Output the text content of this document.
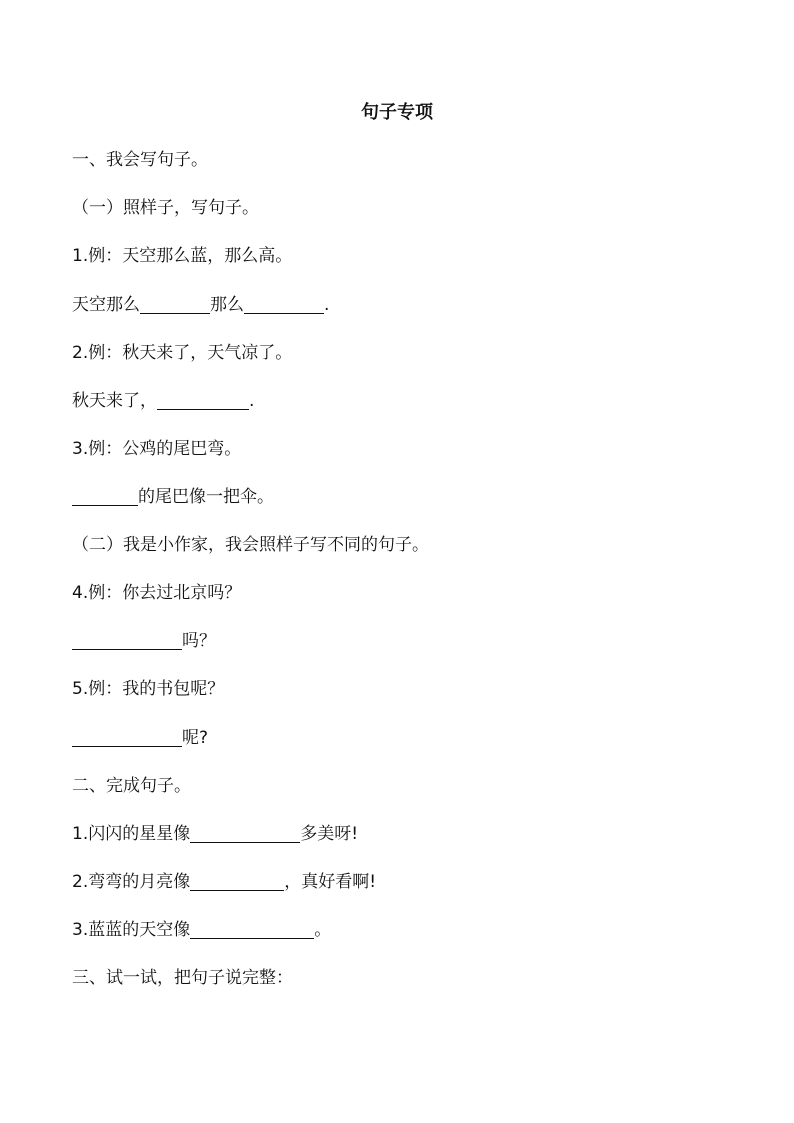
句子专项
一、我会写句子。
（一）照样子，写句子。
1.例：天空那么蓝，那么高。
天空那么	那么	.
2.例：秋天来了，天气凉了。
秋天来了，	.
3.例：公鸡的尾巴弯。
的尾巴像一把伞。
（二）我是小作家，我会照样子写不同的句子。
4.例：你去过北京吗？
吗？
5.例：我的书包呢？
呢?
二、完成句子。
1.闪闪的星星像	多美呀!
2.弯弯的月亮像	，真好看啊!
3.蓝蓝的天空像	。
三、试一试，把句子说完整：
